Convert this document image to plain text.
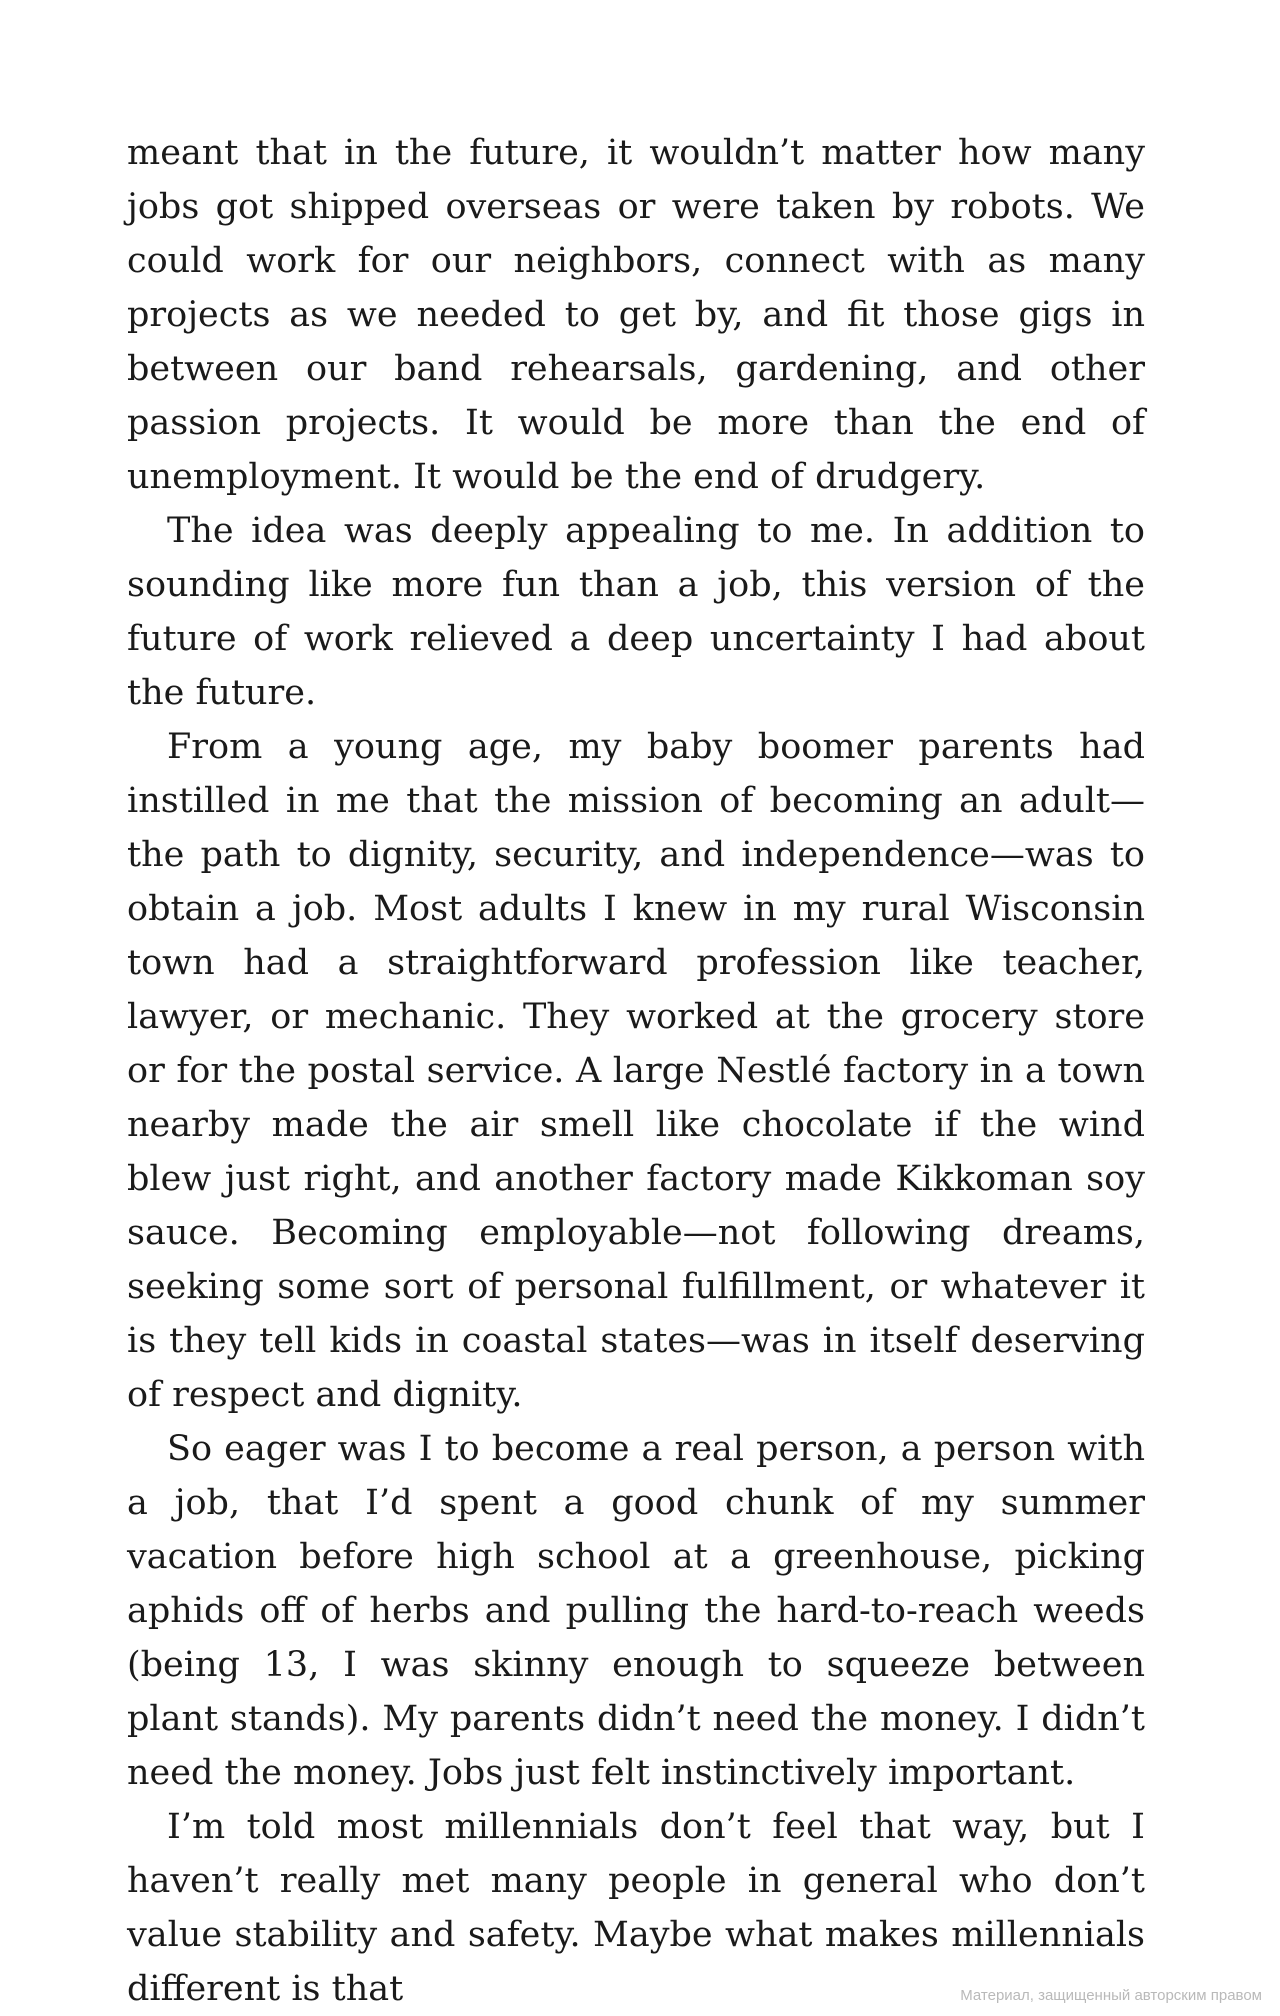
meant that in the future, it wouldn’t matter how many jobs got shipped overseas or were taken by robots. We could work for our neighbors, connect with as many projects as we needed to get by, and fit those gigs in between our band rehearsals, gardening, and other passion projects. It would be more than the end of unemployment. It would be the end of drudgery.

The idea was deeply appealing to me. In addition to sounding like more fun than a job, this version of the future of work relieved a deep uncertainty I had about the future.

From a young age, my baby boomer parents had instilled in me that the mission of becoming an adult—the path to dignity, security, and independence—was to obtain a job. Most adults I knew in my rural Wisconsin town had a straightforward profession like teacher, lawyer, or mechanic. They worked at the grocery store or for the postal service. A large Nestlé factory in a town nearby made the air smell like chocolate if the wind blew just right, and another factory made Kikkoman soy sauce. Becoming employable—not following dreams, seeking some sort of personal fulfillment, or whatever it is they tell kids in coastal states—was in itself deserving of respect and dignity.

So eager was I to become a real person, a person with a job, that I’d spent a good chunk of my summer vacation before high school at a greenhouse, picking aphids off of herbs and pulling the hard-to-reach weeds (being 13, I was skinny enough to squeeze between plant stands). My parents didn’t need the money. I didn’t need the money. Jobs just felt instinctively important.

I’m told most millennials don’t feel that way, but I haven’t really met many people in general who don’t value stability and safety. Maybe what makes millennials different is that	Материал, защищенный авторским правом
